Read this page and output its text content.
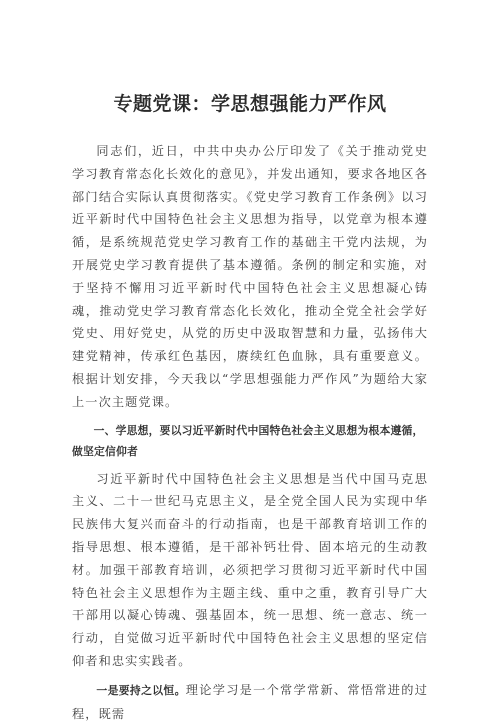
专题党课：学思想强能力严作风

同志们，近日，中共中央办公厅印发了《关于推动党史学习教育常态化长效化的意见》，并发出通知，要求各地区各部门结合实际认真贯彻落实。《党史学习教育工作条例》以习近平新时代中国特色社会主义思想为指导，以党章为根本遵循，是系统规范党史学习教育工作的基础主干党内法规，为开展党史学习教育提供了基本遵循。条例的制定和实施，对于坚持不懈用习近平新时代中国特色社会主义思想凝心铸魂，推动党史学习教育常态化长效化，推动全党全社会学好党史、用好党史，从党的历史中汲取智慧和力量，弘扬伟大建党精神，传承红色基因，赓续红色血脉，具有重要意义。根据计划安排，今天我以“学思想强能力严作风”为题给大家上一次主题党课。

一、学思想，要以习近平新时代中国特色社会主义思想为根本遵循，做坚定信仰者

习近平新时代中国特色社会主义思想是当代中国马克思主义、二十一世纪马克思主义，是全党全国人民为实现中华民族伟大复兴而奋斗的行动指南，也是干部教育培训工作的指导思想、根本遵循，是干部补钙壮骨、固本培元的生动教材。加强干部教育培训，必须把学习贯彻习近平新时代中国特色社会主义思想作为主题主线、重中之重，教育引导广大干部用以凝心铸魂、强基固本，统一思想、统一意志、统一行动，自觉做习近平新时代中国特色社会主义思想的坚定信仰者和忠实实践者。

一是要持之以恒。理论学习是一个常学常新、常悟常进的过程，既需
